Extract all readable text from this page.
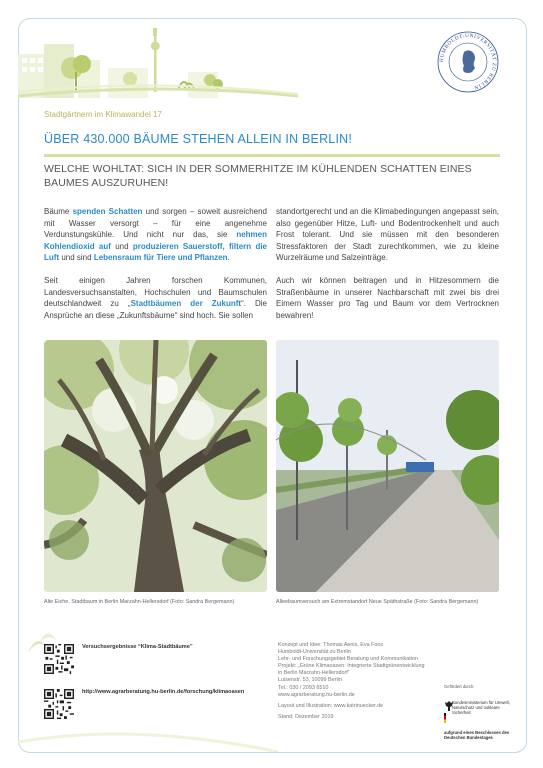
HUMBOLDT-UNIVERSITÄT ZU BERLIN
Stadtgärtnern im Klimawandel 17
ÜBER 430.000 BÄUME STEHEN ALLEIN IN BERLIN!
WELCHE WOHLTAT: SICH IN DER SOMMERHITZE IM KÜHLENDEN SCHATTEN EINES BAUMES AUSZURUHEN!

Bäume spenden Schatten und sorgen – soweit ausreichend mit Wasser versorgt – für eine angenehme Verdunstungskühle. Und nicht nur das, sie nehmen Kohlendioxid auf und produzieren Sauerstoff, filtern die Luft und sind Lebensraum für Tiere und Pflanzen.

Seit einigen Jahren forschen Kommunen, Landesversuchsanstalten, Hochschulen und Baumschulen deutschlandweit zu „Stadtbäumen der Zukunft“. Die Ansprüche an diese „Zukunftsbäume“ sind hoch. Sie sollen

standortgerecht und an die Klimabedingungen angepasst sein, also gegenüber Hitze, Luft- und Bodentrockenheit und auch Frost tolerant. Und sie müssen mit den besonderen Stressfaktoren der Stadt zurechtkommen, wie zu kleine Wurzelräume und Salzeinträge.

Auch wir können beitragen und in Hitzesommern die Straßenbäume in unserer Nachbarschaft mit zwei bis drei Eimern Wasser pro Tag und Baum vor dem Vertrocknen bewahren!

Alte Eiche, Stadtbaum in Berlin Marzahn-Hellersdorf (Foto: Sandra Bergemann)	Alleebaumversuch am Extremstandort Neue Späthstraße (Foto: Sandra Bergemann)
Versuchsergebnisse “Klima-Stadtbäume”
http://www.agrarberatung.hu-berlin.de/forschung/klimaoasen
Konzept und Idee: Thomas Aenis, Eva Foos
Humboldt-Universität zu Berlin
Lehr- und Forschungsgebiet Beratung und Kommunikation
Projekt: „Grüne Klimaoasen: Integrierte Stadtgrünentwicklung
in Berlin Marzahn-Hellersdorf“
Luisenstr. 53, 10099 Berlin
Tel.: 030 / 2093 6510
www.agrarberatung.hu-berlin.de
Layout und Illustration: www.katrinuecker.de
Stand: Dezember 2019
Gefördert durch:
Bundesministerium für Umwelt, Naturschutz und nukleare Sicherheit
aufgrund eines Beschlusses des Deutschen Bundestages
